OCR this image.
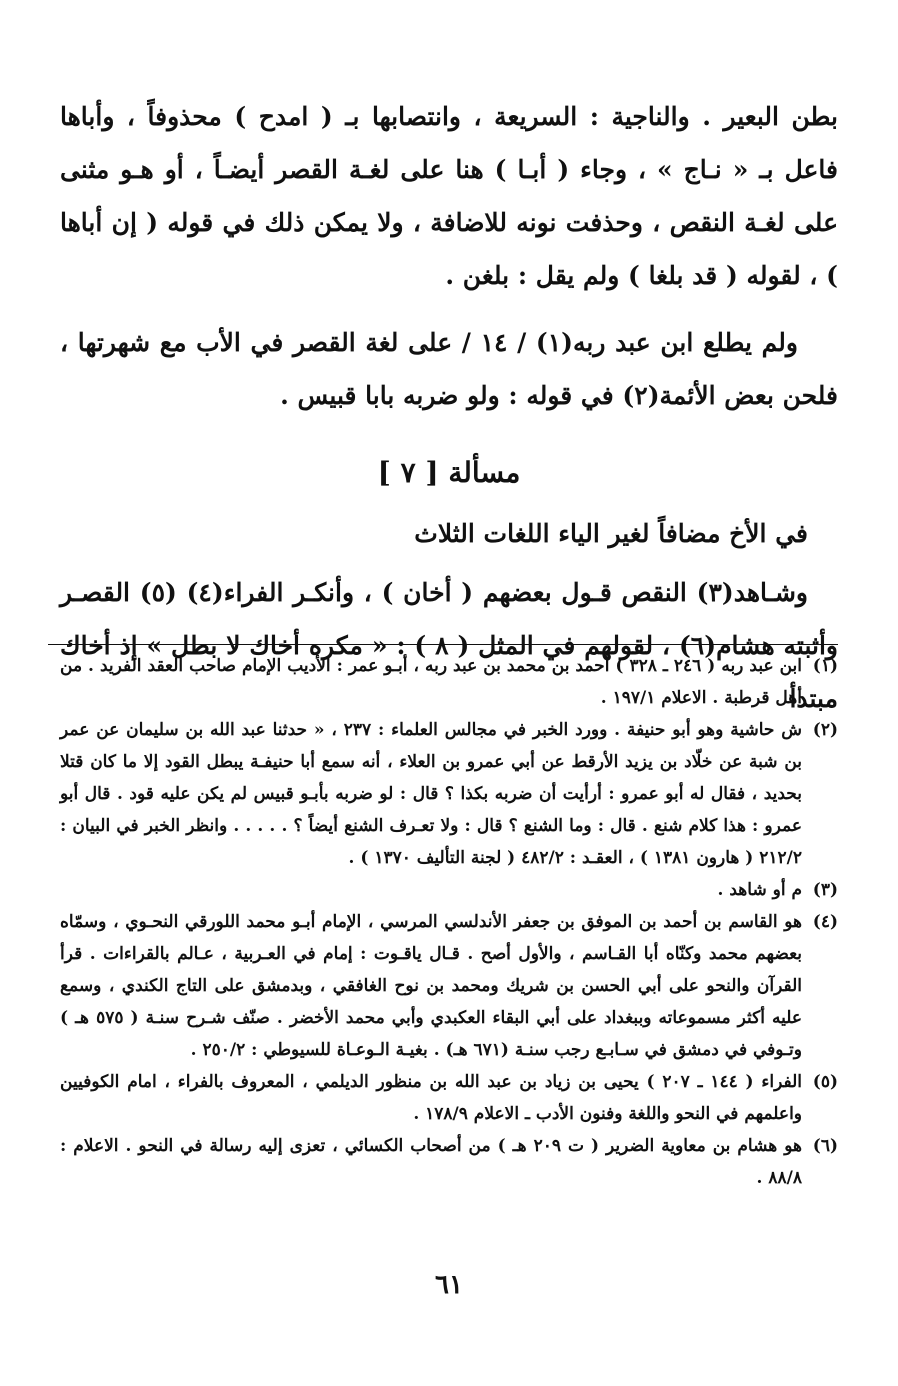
بطن البعير . والناجية : السريعة ، وانتصابها بـ ( امدح ) محذوفاً ، وأباها فاعل بـ « نـاج » ، وجاء ( أبـا ) هنا على لغـة القصر أيضـاً ، أو هـو مثنى على لغـة النقص ، وحذفت نونه للاضافة ، ولا يمكن ذلك في قوله ( إن أباها ) ، لقوله ( قد بلغا ) ولم يقل : بلغن .

ولم يطلع ابن عبد ربه(١) / ١٤ / على لغة القصر في الأب مع شهرتها ، فلحن بعض الأئمة(٢) في قوله : ولو ضربه بابا قبيس .

مسألة [ ٧ ]

في الأخ مضافاً لغير الياء اللغات الثلاث

وشـاهد(٣) النقص قـول بعضهم ( أخان ) ، وأنكـر الفراء(٤) (٥) القصـر وأثبته هشام(٦) ، لقولهم في المثل ( ٨ ) : « مكره أخاك لا بطل » إذ أخاك مبتدأ

(١)
ابن عبد ربه ( ٢٤٦ ـ ٣٢٨ ) أحمد بن محمد بن عبد ربه ، أبـو عمر : الأديب الإمام صاحب العقد الفريد . من أهل قرطبة . الاعلام ١٩٧/١ .
(٢)
ش حاشية وهو أبو حنيفة . وورد الخبر في مجالس العلماء : ٢٣٧ ، « حدثنا عبد الله بن سليمان عن عمر بن شبة عن خلّاد بن يزيد الأرقط عن أبي عمرو بن العلاء ، أنه سمع أبا حنيفـة يبطل القود إلا ما كان قتلا بحديد ، فقال له أبو عمرو : أرأيت أن ضربه بكذا ؟ قال : لو ضربه بأبـو قبيس لم يكن عليه قود . قال أبو عمرو : هذا كلام شنع . قال : وما الشنع ؟ قال : ولا تعـرف الشنع أيضاً ؟ . . . . . وانظر الخبر في البيان : ٢١٢/٢ ( هارون ١٣٨١ ) ، العقـد : ٤٨٢/٢ ( لجنة التأليف ١٣٧٠ ) .
(٣)
م أو شاهد .
(٤)
هو القاسم بن أحمد بن الموفق بن جعفر الأندلسي المرسي ، الإمام أبـو محمد اللورقي النحـوي ، وسمّاه بعضهم محمد وكنّاه أبا القـاسم ، والأول أصح . قـال ياقـوت : إمام في العـربية ، عـالم بالقراءات . قرأ القرآن والنحو على أبي الحسن بن شريك ومحمد بن نوح الغافقي ، وبدمشق على التاج الكندي ، وسمع عليه أكثر مسموعاته وببغداد على أبي البقاء العكبدي وأبي محمد الأخضر . صنّف شـرح سنـة ( ٥٧٥ هـ ) وتـوفي في دمشق في سـابـع رجب سنـة (٦٧١ هـ) . بغيـة الـوعـاة للسيوطي : ٢٥٠/٢ .
(٥)
الفراء ( ١٤٤ ـ ٢٠٧ ) يحيى بن زياد بن عبد الله بن منظور الديلمي ، المعروف بالفراء ، امام الكوفيين واعلمهم في النحو واللغة وفنون الأدب ـ الاعلام ١٧٨/٩ .
(٦)
هو هشام بن معاوية الضرير ( ت ٢٠٩ هـ ) من أصحاب الكسائي ، تعزى إليه رسالة في النحو . الاعلام : ٨٨/٨ .
٦١
